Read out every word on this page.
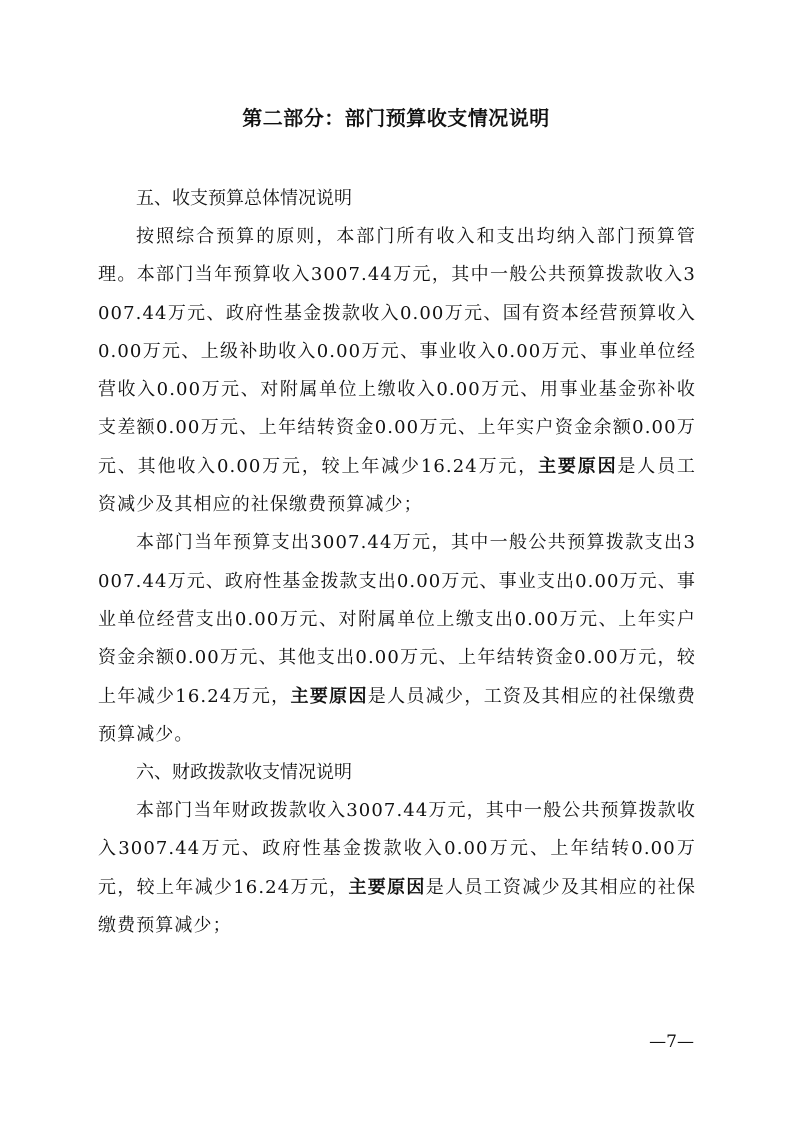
第二部分：部门预算收支情况说明
五、收支预算总体情况说明

按照综合预算的原则，本部门所有收入和支出均纳入部门预算管理。本部门当年预算收入3007.44万元，其中一般公共预算拨款收入3007.44万元、政府性基金拨款收入0.00万元、国有资本经营预算收入0.00万元、上级补助收入0.00万元、事业收入0.00万元、事业单位经营收入0.00万元、对附属单位上缴收入0.00万元、用事业基金弥补收支差额0.00万元、上年结转资金0.00万元、上年实户资金余额0.00万元、其他收入0.00万元，较上年减少16.24万元，主要原因是人员工资减少及其相应的社保缴费预算减少；

本部门当年预算支出3007.44万元，其中一般公共预算拨款支出3007.44万元、政府性基金拨款支出0.00万元、事业支出0.00万元、事业单位经营支出0.00万元、对附属单位上缴支出0.00万元、上年实户资金余额0.00万元、其他支出0.00万元、上年结转资金0.00万元，较上年减少16.24万元，主要原因是人员减少，工资及其相应的社保缴费预算减少。

六、财政拨款收支情况说明

本部门当年财政拨款收入3007.44万元，其中一般公共预算拨款收入3007.44万元、政府性基金拨款收入0.00万元、上年结转0.00万元，较上年减少16.24万元，主要原因是人员工资减少及其相应的社保缴费预算减少；

—7—
